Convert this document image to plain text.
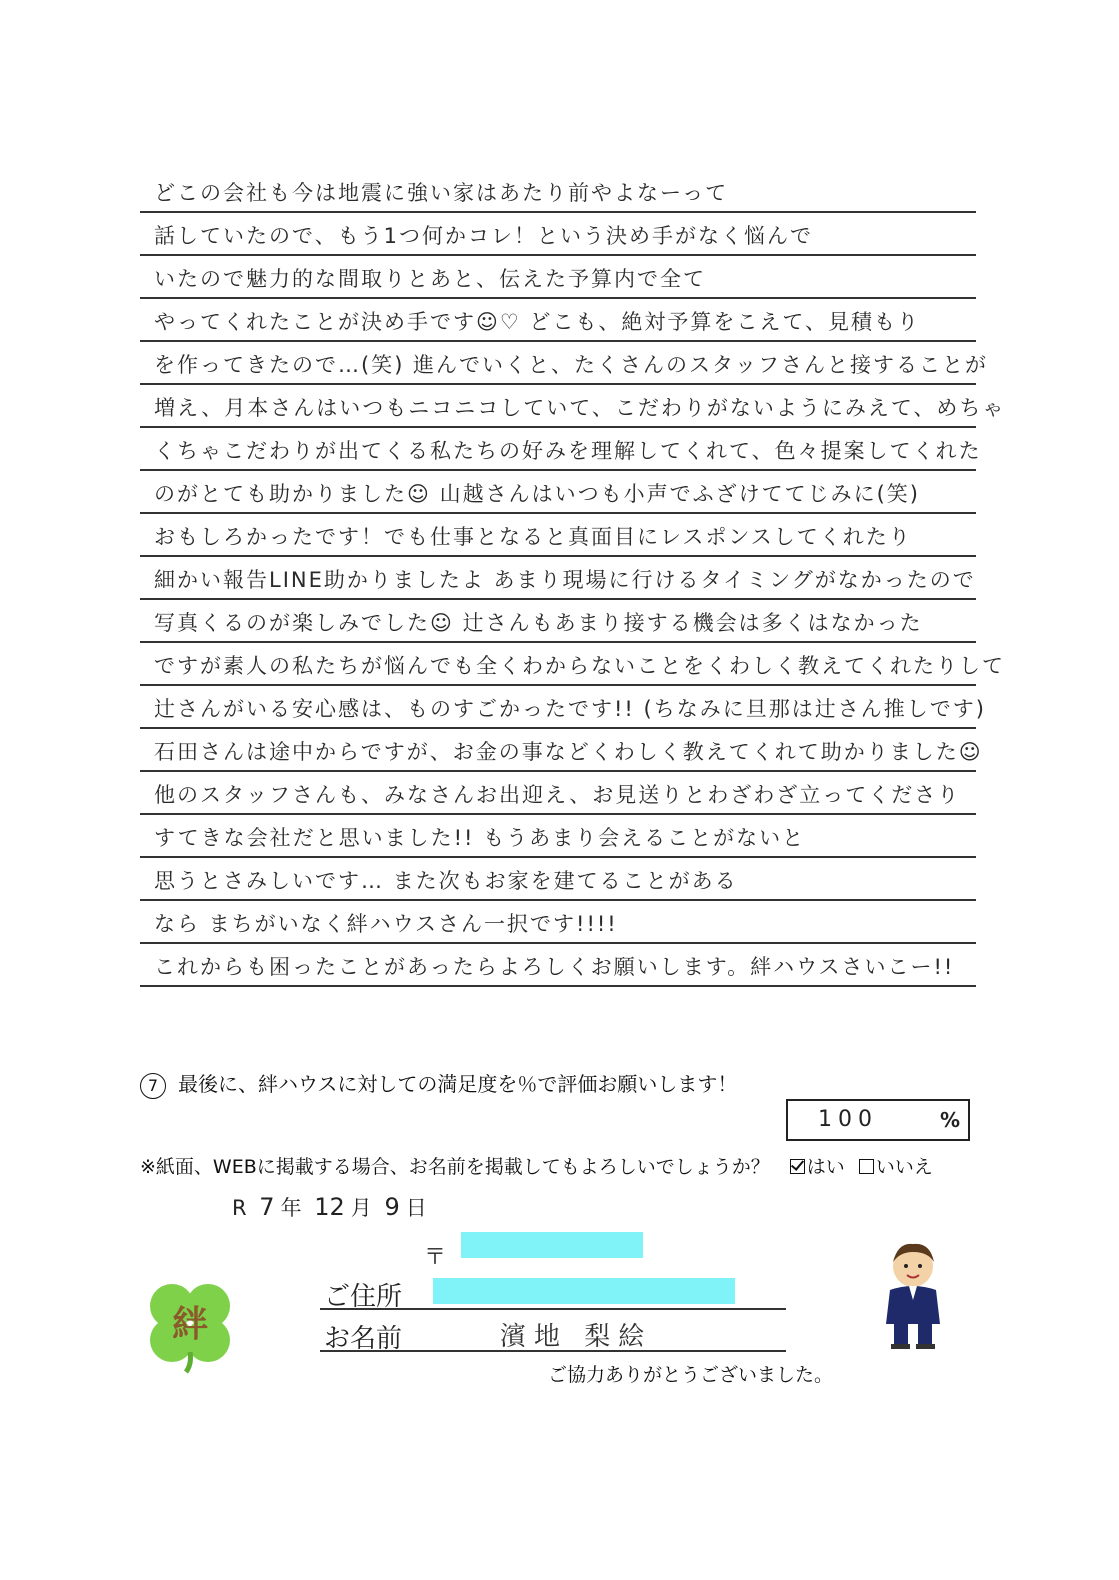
どこの会社も今は地震に強い家はあたり前やよなーって
話していたので、もう1つ何かコレ！という決め手がなく悩んで
いたので魅力的な間取りとあと、伝えた予算内で全て
やってくれたことが決め手です☺♡ どこも、絶対予算をこえて、見積もり
を作ってきたので…(笑) 進んでいくと、たくさんのスタッフさんと接することが
増え、月本さんはいつもニコニコしていて、こだわりがないようにみえて、めちゃ
くちゃこだわりが出てくる私たちの好みを理解してくれて、色々提案してくれた
のがとても助かりました☺ 山越さんはいつも小声でふざけててじみに(笑)
おもしろかったです！でも仕事となると真面目にレスポンスしてくれたり
細かい報告LINE助かりましたよ あまり現場に行けるタイミングがなかったので
写真くるのが楽しみでした☺ 辻さんもあまり接する機会は多くはなかった
ですが素人の私たちが悩んでも全くわからないことをくわしく教えてくれたりして
辻さんがいる安心感は、ものすごかったです!! (ちなみに旦那は辻さん推しです)
石田さんは途中からですが、お金の事などくわしく教えてくれて助かりました☺
他のスタッフさんも、みなさんお出迎え、お見送りとわざわざ立ってくださり
すてきな会社だと思いました!! もうあまり会えることがないと
思うとさみしいです… また次もお家を建てることがある
なら まちがいなく絆ハウスさん一択です!!!!
これからも困ったことがあったらよろしくお願いします。絆ハウスさいこー!!
7 最後に、絆ハウスに対しての満足度を％で評価お願いします！
100	%
※紙面、WEBに掲載する場合、お名前を掲載してもよろしいでしょうか？ はい いいえ
R 7 年 12 月 9 日
〒
ご住所
お名前	濱地 梨絵
ご協力ありがとうございました。
絆
